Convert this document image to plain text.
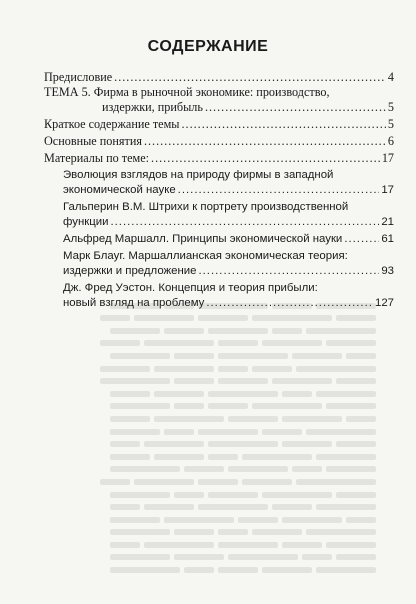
СОДЕРЖАНИЕ
Предисловие .....	4
ТЕМА 5. Фирма в рыночной экономике: производство,
издержки, прибыль .....	5
Краткое содержание темы .....	5
Основные понятия .....	6
Материалы по теме: .....	17
Эволюция взглядов на природу фирмы в западной
экономической науке .....	17
Гальперин В.М. Штрихи к портрету производственной
функции .....	21
Альфред Маршалл. Принципы экономической науки .....	61
Марк Блауг. Маршаллианская экономическая теория:
издержки и предложение .....	93
Дж. Фред Уэстон. Концепция и теория прибыли:
новый взгляд на проблему .....	127
